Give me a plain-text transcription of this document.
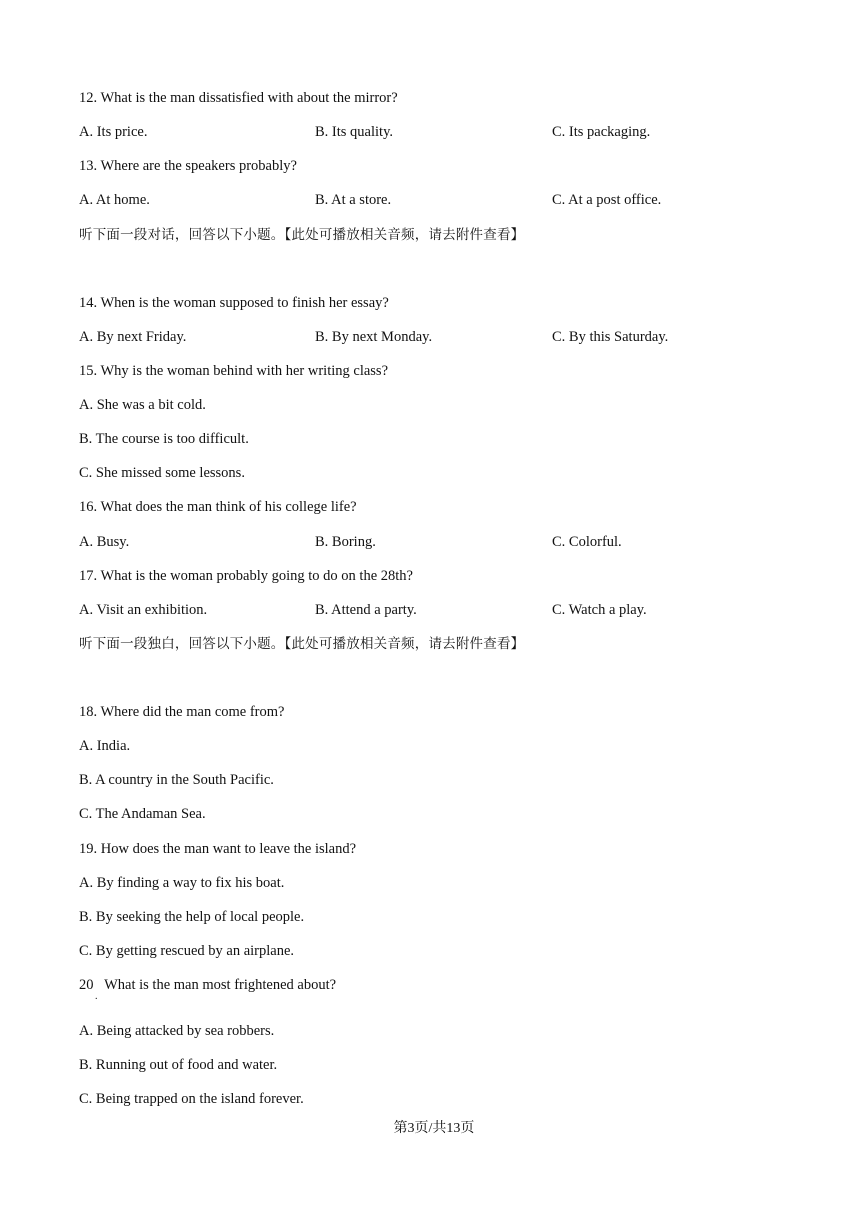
12. What is the man dissatisfied with about the mirror?
A. Its price.	B. Its quality.	C. Its packaging.
13. Where are the speakers probably?
A. At home.	B. At a store.	C. At a post office.
听下面一段对话，回答以下小题。【此处可播放相关音频，请去附件查看】
14. When is the woman supposed to finish her essay?
A. By next Friday.	B. By next Monday.	C. By this Saturday.
15. Why is the woman behind with her writing class?
A. She was a bit cold.
B. The course is too difficult.
C. She missed some lessons.
16. What does the man think of his college life?
A. Busy.	B. Boring.	C. Colorful.
17. What is the woman probably going to do on the 28th?
A. Visit an exhibition.	B. Attend a party.	C. Watch a play.
听下面一段独白，回答以下小题。【此处可播放相关音频，请去附件查看】
18. Where did the man come from?
A. India.
B. A country in the South Pacific.
C. The Andaman Sea.
19. How does the man want to leave the island?
A. By finding a way to fix his boat.
B. By seeking the help of local people.
C. By getting rescued by an airplane.
20   What is the man most frightened about?
.
A. Being attacked by sea robbers.
B. Running out of food and water.
C. Being trapped on the island forever.
第3页/共13页
